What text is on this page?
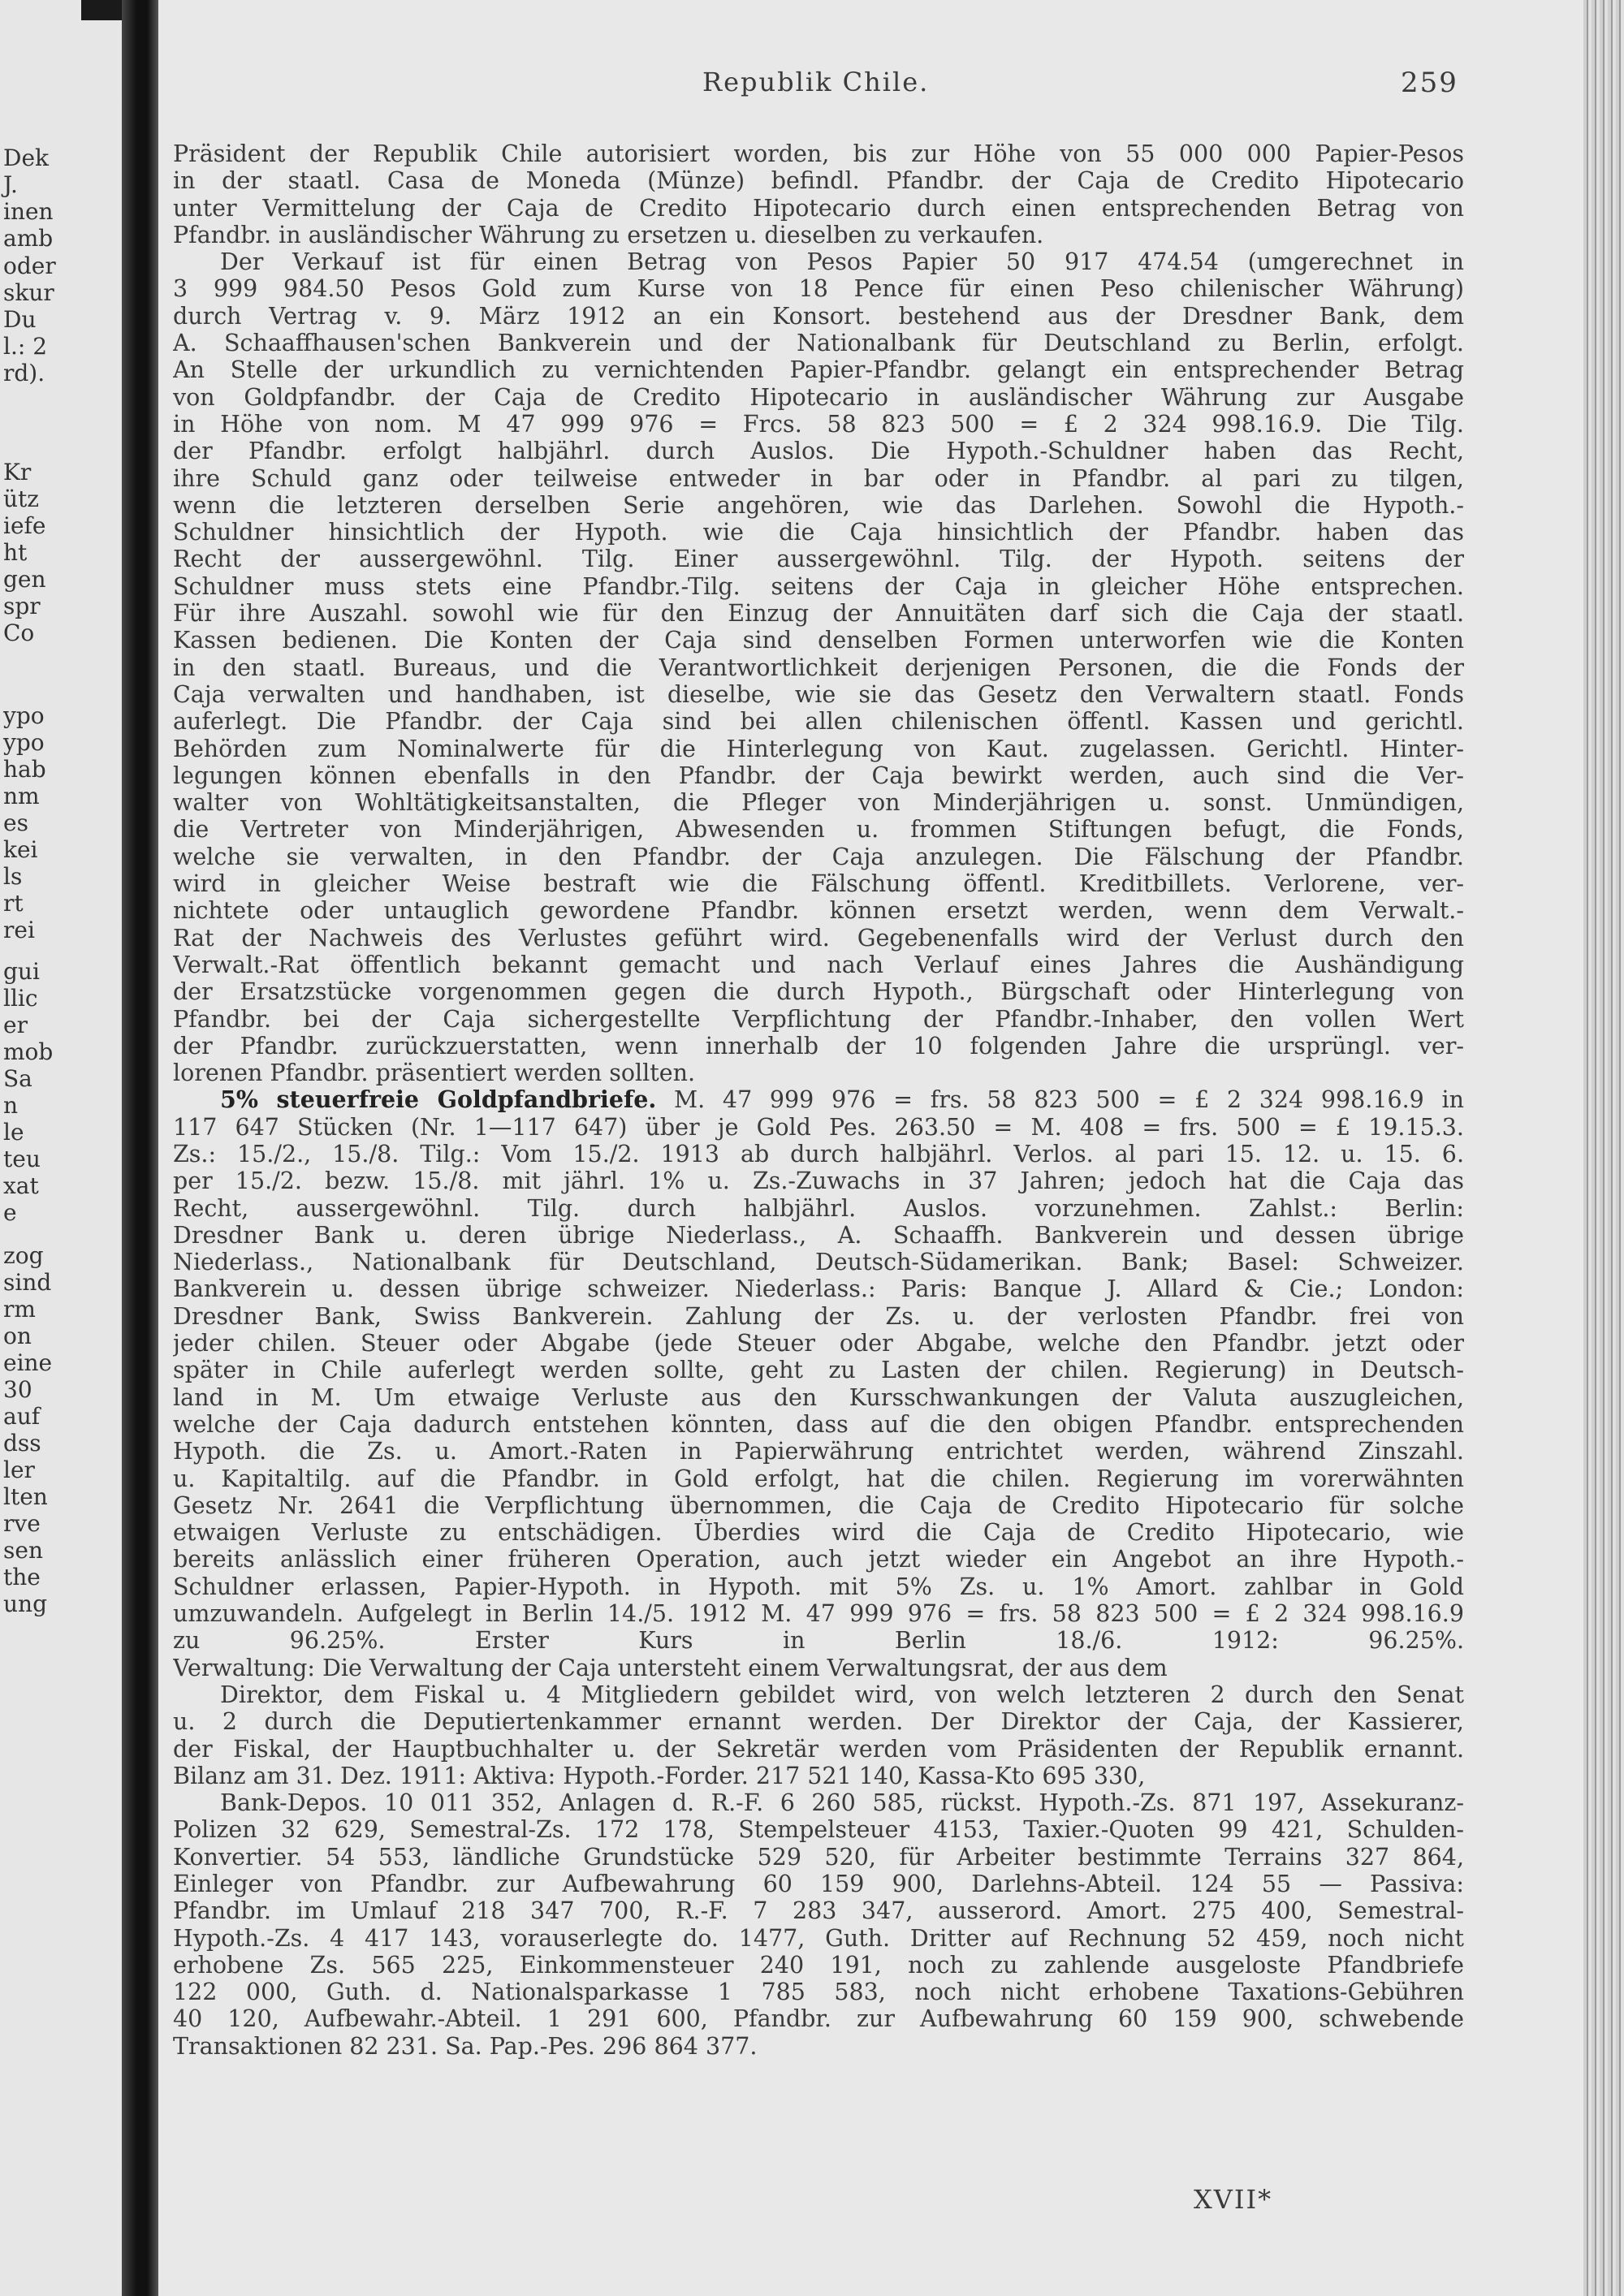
Dek
J.
inen
amb
oder
skur
Du
l.: 2
rd).
Kr
ütz
iefe
ht
gen
spr
Co
ypo
ypo
hab
nm
es
kei
ls
rt
rei
gui
llic
er
mob
Sa
n
le
teu
xat
e
zog
sind
rm
on
eine
30
auf
dss
ler
lten
rve
sen
the
ung
Republik Chile.	259
Präsident der Republik Chile autorisiert worden, bis zur Höhe von 55 000 000 Papier-Pesos
in der staatl. Casa de Moneda (Münze) befindl. Pfandbr. der Caja de Credito Hipotecario
unter Vermittelung der Caja de Credito Hipotecario durch einen entsprechenden Betrag von
Pfandbr. in ausländischer Währung zu ersetzen u. dieselben zu verkaufen.
Der Verkauf ist für einen Betrag von Pesos Papier 50 917 474.54 (umgerechnet in
3 999 984.50 Pesos Gold zum Kurse von 18 Pence für einen Peso chilenischer Währung)
durch Vertrag v. 9. März 1912 an ein Konsort. bestehend aus der Dresdner Bank, dem
A. Schaaffhausen'schen Bankverein und der Nationalbank für Deutschland zu Berlin, erfolgt.
An Stelle der urkundlich zu vernichtenden Papier-Pfandbr. gelangt ein entsprechender Betrag
von Goldpfandbr. der Caja de Credito Hipotecario in ausländischer Währung zur Ausgabe
in Höhe von nom. M 47 999 976 = Frcs. 58 823 500 = £ 2 324 998.16.9. Die Tilg.
der Pfandbr. erfolgt halbjährl. durch Auslos. Die Hypoth.-Schuldner haben das Recht,
ihre Schuld ganz oder teilweise entweder in bar oder in Pfandbr. al pari zu tilgen,
wenn die letzteren derselben Serie angehören, wie das Darlehen. Sowohl die Hypoth.-
Schuldner hinsichtlich der Hypoth. wie die Caja hinsichtlich der Pfandbr. haben das
Recht der aussergewöhnl. Tilg. Einer aussergewöhnl. Tilg. der Hypoth. seitens der
Schuldner muss stets eine Pfandbr.-Tilg. seitens der Caja in gleicher Höhe entsprechen.
Für ihre Auszahl. sowohl wie für den Einzug der Annuitäten darf sich die Caja der staatl.
Kassen bedienen. Die Konten der Caja sind denselben Formen unterworfen wie die Konten
in den staatl. Bureaus, und die Verantwortlichkeit derjenigen Personen, die die Fonds der
Caja verwalten und handhaben, ist dieselbe, wie sie das Gesetz den Verwaltern staatl. Fonds
auferlegt. Die Pfandbr. der Caja sind bei allen chilenischen öffentl. Kassen und gerichtl.
Behörden zum Nominalwerte für die Hinterlegung von Kaut. zugelassen. Gerichtl. Hinter-
legungen können ebenfalls in den Pfandbr. der Caja bewirkt werden, auch sind die Ver-
walter von Wohltätigkeitsanstalten, die Pfleger von Minderjährigen u. sonst. Unmündigen,
die Vertreter von Minderjährigen, Abwesenden u. frommen Stiftungen befugt, die Fonds,
welche sie verwalten, in den Pfandbr. der Caja anzulegen. Die Fälschung der Pfandbr.
wird in gleicher Weise bestraft wie die Fälschung öffentl. Kreditbillets. Verlorene, ver-
nichtete oder untauglich gewordene Pfandbr. können ersetzt werden, wenn dem Verwalt.-
Rat der Nachweis des Verlustes geführt wird. Gegebenenfalls wird der Verlust durch den
Verwalt.-Rat öffentlich bekannt gemacht und nach Verlauf eines Jahres die Aushändigung
der Ersatzstücke vorgenommen gegen die durch Hypoth., Bürgschaft oder Hinterlegung von
Pfandbr. bei der Caja sichergestellte Verpflichtung der Pfandbr.-Inhaber, den vollen Wert
der Pfandbr. zurückzuerstatten, wenn innerhalb der 10 folgenden Jahre die ursprüngl. ver-
lorenen Pfandbr. präsentiert werden sollten.
5% steuerfreie Goldpfandbriefe. M. 47 999 976 = frs. 58 823 500 = £ 2 324 998.16.9 in
117 647 Stücken (Nr. 1—117 647) über je Gold Pes. 263.50 = M. 408 = frs. 500 = £ 19.15.3.
Zs.: 15./2., 15./8. Tilg.: Vom 15./2. 1913 ab durch halbjährl. Verlos. al pari 15. 12. u. 15. 6.
per 15./2. bezw. 15./8. mit jährl. 1% u. Zs.-Zuwachs in 37 Jahren; jedoch hat die Caja das
Recht, aussergewöhnl. Tilg. durch halbjährl. Auslos. vorzunehmen. Zahlst.: Berlin:
Dresdner Bank u. deren übrige Niederlass., A. Schaaffh. Bankverein und dessen übrige
Niederlass., Nationalbank für Deutschland, Deutsch-Südamerikan. Bank; Basel: Schweizer.
Bankverein u. dessen übrige schweizer. Niederlass.: Paris: Banque J. Allard & Cie.; London:
Dresdner Bank, Swiss Bankverein. Zahlung der Zs. u. der verlosten Pfandbr. frei von
jeder chilen. Steuer oder Abgabe (jede Steuer oder Abgabe, welche den Pfandbr. jetzt oder
später in Chile auferlegt werden sollte, geht zu Lasten der chilen. Regierung) in Deutsch-
land in M. Um etwaige Verluste aus den Kursschwankungen der Valuta auszugleichen,
welche der Caja dadurch entstehen könnten, dass auf die den obigen Pfandbr. entsprechenden
Hypoth. die Zs. u. Amort.-Raten in Papierwährung entrichtet werden, während Zinszahl.
u. Kapitaltilg. auf die Pfandbr. in Gold erfolgt, hat die chilen. Regierung im vorerwähnten
Gesetz Nr. 2641 die Verpflichtung übernommen, die Caja de Credito Hipotecario für solche
etwaigen Verluste zu entschädigen. Überdies wird die Caja de Credito Hipotecario, wie
bereits anlässlich einer früheren Operation, auch jetzt wieder ein Angebot an ihre Hypoth.-
Schuldner erlassen, Papier-Hypoth. in Hypoth. mit 5% Zs. u. 1% Amort. zahlbar in Gold
umzuwandeln. Aufgelegt in Berlin 14./5. 1912 M. 47 999 976 = frs. 58 823 500 = £ 2 324 998.16.9
zu 96.25%. Erster Kurs in Berlin 18./6. 1912: 96.25%.
Verwaltung: Die Verwaltung der Caja untersteht einem Verwaltungsrat, der aus dem
Direktor, dem Fiskal u. 4 Mitgliedern gebildet wird, von welch letzteren 2 durch den Senat
u. 2 durch die Deputiertenkammer ernannt werden. Der Direktor der Caja, der Kassierer,
der Fiskal, der Hauptbuchhalter u. der Sekretär werden vom Präsidenten der Republik ernannt.
Bilanz am 31. Dez. 1911: Aktiva: Hypoth.-Forder. 217 521 140, Kassa-Kto 695 330,
Bank-Depos. 10 011 352, Anlagen d. R.-F. 6 260 585, rückst. Hypoth.-Zs. 871 197, Assekuranz-
Polizen 32 629, Semestral-Zs. 172 178, Stempelsteuer 4153, Taxier.-Quoten 99 421, Schulden-
Konvertier. 54 553, ländliche Grundstücke 529 520, für Arbeiter bestimmte Terrains 327 864,
Einleger von Pfandbr. zur Aufbewahrung 60 159 900, Darlehns-Abteil. 124 55 — Passiva:
Pfandbr. im Umlauf 218 347 700, R.-F. 7 283 347, ausserord. Amort. 275 400, Semestral-
Hypoth.-Zs. 4 417 143, vorauserlegte do. 1477, Guth. Dritter auf Rechnung 52 459, noch nicht
erhobene Zs. 565 225, Einkommensteuer 240 191, noch zu zahlende ausgeloste Pfandbriefe
122 000, Guth. d. Nationalsparkasse 1 785 583, noch nicht erhobene Taxations-Gebühren
40 120, Aufbewahr.-Abteil. 1 291 600, Pfandbr. zur Aufbewahrung 60 159 900, schwebende
Transaktionen 82 231. Sa. Pap.-Pes. 296 864 377.
XVII*
